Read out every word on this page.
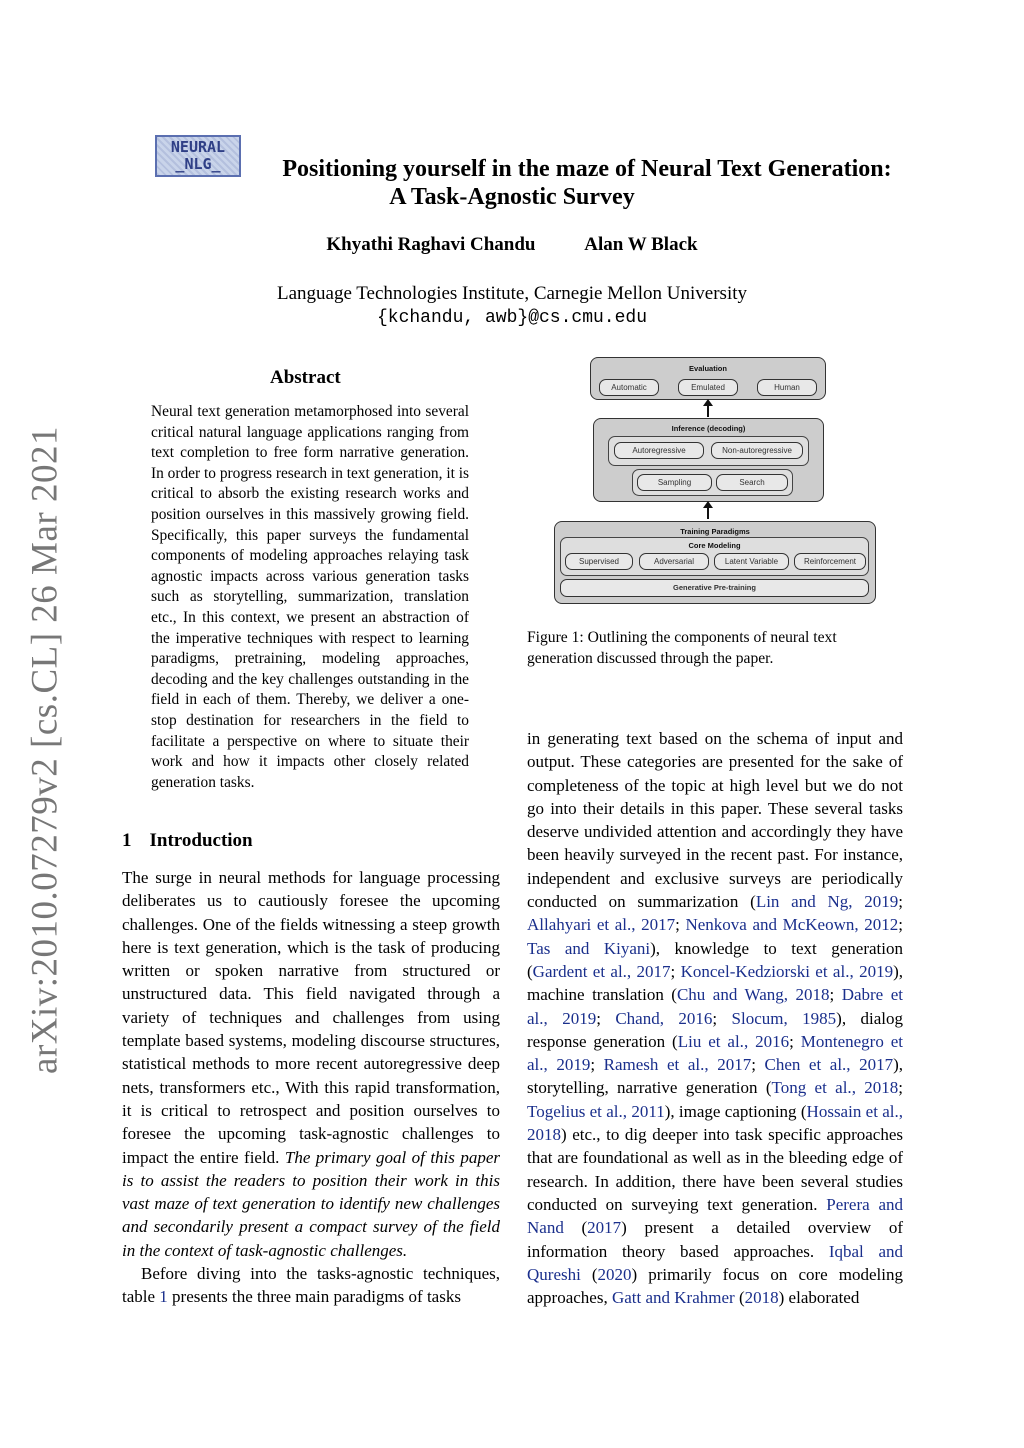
arXiv:2010.07279v2 [cs.CL] 26 Mar 2021
NEURAL
_NLG_	Positioning yourself in the maze of Neural Text Generation:
A Task-Agnostic Survey
Khyathi Raghavi Chandu	Alan W Black
Language Technologies Institute, Carnegie Mellon University
{kchandu, awb}@cs.cmu.edu
Abstract
Neural text generation metamorphosed into several critical natural language applications ranging from text completion to free form narrative generation. In order to progress research in text generation, it is critical to absorb the existing research works and position ourselves in this massively growing field. Specifically, this paper surveys the fundamental components of modeling approaches relaying task agnostic impacts across various generation tasks such as storytelling, summarization, translation etc., In this context, we present an abstraction of the imperative techniques with respect to learning paradigms, pretraining, modeling approaches, decoding and the key challenges outstanding in the field in each of them. Thereby, we deliver a one-stop destination for researchers in the field to facilitate a perspective on where to situate their work and how it impacts other closely related generation tasks.
1 Introduction

The surge in neural methods for language processing deliberates us to cautiously foresee the upcoming challenges. One of the fields witnessing a steep growth here is text generation, which is the task of producing written or spoken narrative from structured or unstructured data. This field navigated through a variety of techniques and challenges from using template based systems, modeling discourse structures, statistical methods to more recent autoregressive deep nets, transformers etc., With this rapid transformation, it is critical to retrospect and position ourselves to foresee the upcoming task-agnostic challenges to impact the entire field. The primary goal of this paper is to assist the readers to position their work in this vast maze of text generation to identify new challenges and secondarily present a compact survey of the field in the context of task-agnostic challenges.

Before diving into the tasks-agnostic techniques, table 1 presents the three main paradigms of tasks

Evaluation
Automatic	Emulated	Human
Inference (decoding)
Autoregressive	Non-autoregressive
Sampling	Search
Training Paradigms
Core Modeling
Supervised	Adversarial	Latent Variable	Reinforcement
Generative Pre-training
Figure 1: Outlining the components of neural text generation discussed through the paper.

in generating text based on the schema of input and output. These categories are presented for the sake of completeness of the topic at high level but we do not go into their details in this paper. These several tasks deserve undivided attention and accordingly they have been heavily surveyed in the recent past. For instance, independent and exclusive surveys are periodically conducted on summarization (Lin and Ng, 2019; Allahyari et al., 2017; Nenkova and McKeown, 2012; Tas and Kiyani), knowledge to text generation (Gardent et al., 2017; Koncel-Kedziorski et al., 2019), machine translation (Chu and Wang, 2018; Dabre et al., 2019; Chand, 2016; Slocum, 1985), dialog response generation (Liu et al., 2016; Montenegro et al., 2019; Ramesh et al., 2017; Chen et al., 2017), storytelling, narrative generation (Tong et al., 2018; Togelius et al., 2011), image captioning (Hossain et al., 2018) etc., to dig deeper into task specific approaches that are foundational as well as in the bleeding edge of research. In addition, there have been several studies conducted on surveying text generation. Perera and Nand (2017) present a detailed overview of information theory based approaches. Iqbal and Qureshi (2020) primarily focus on core modeling approaches, Gatt and Krahmer (2018) elaborated
